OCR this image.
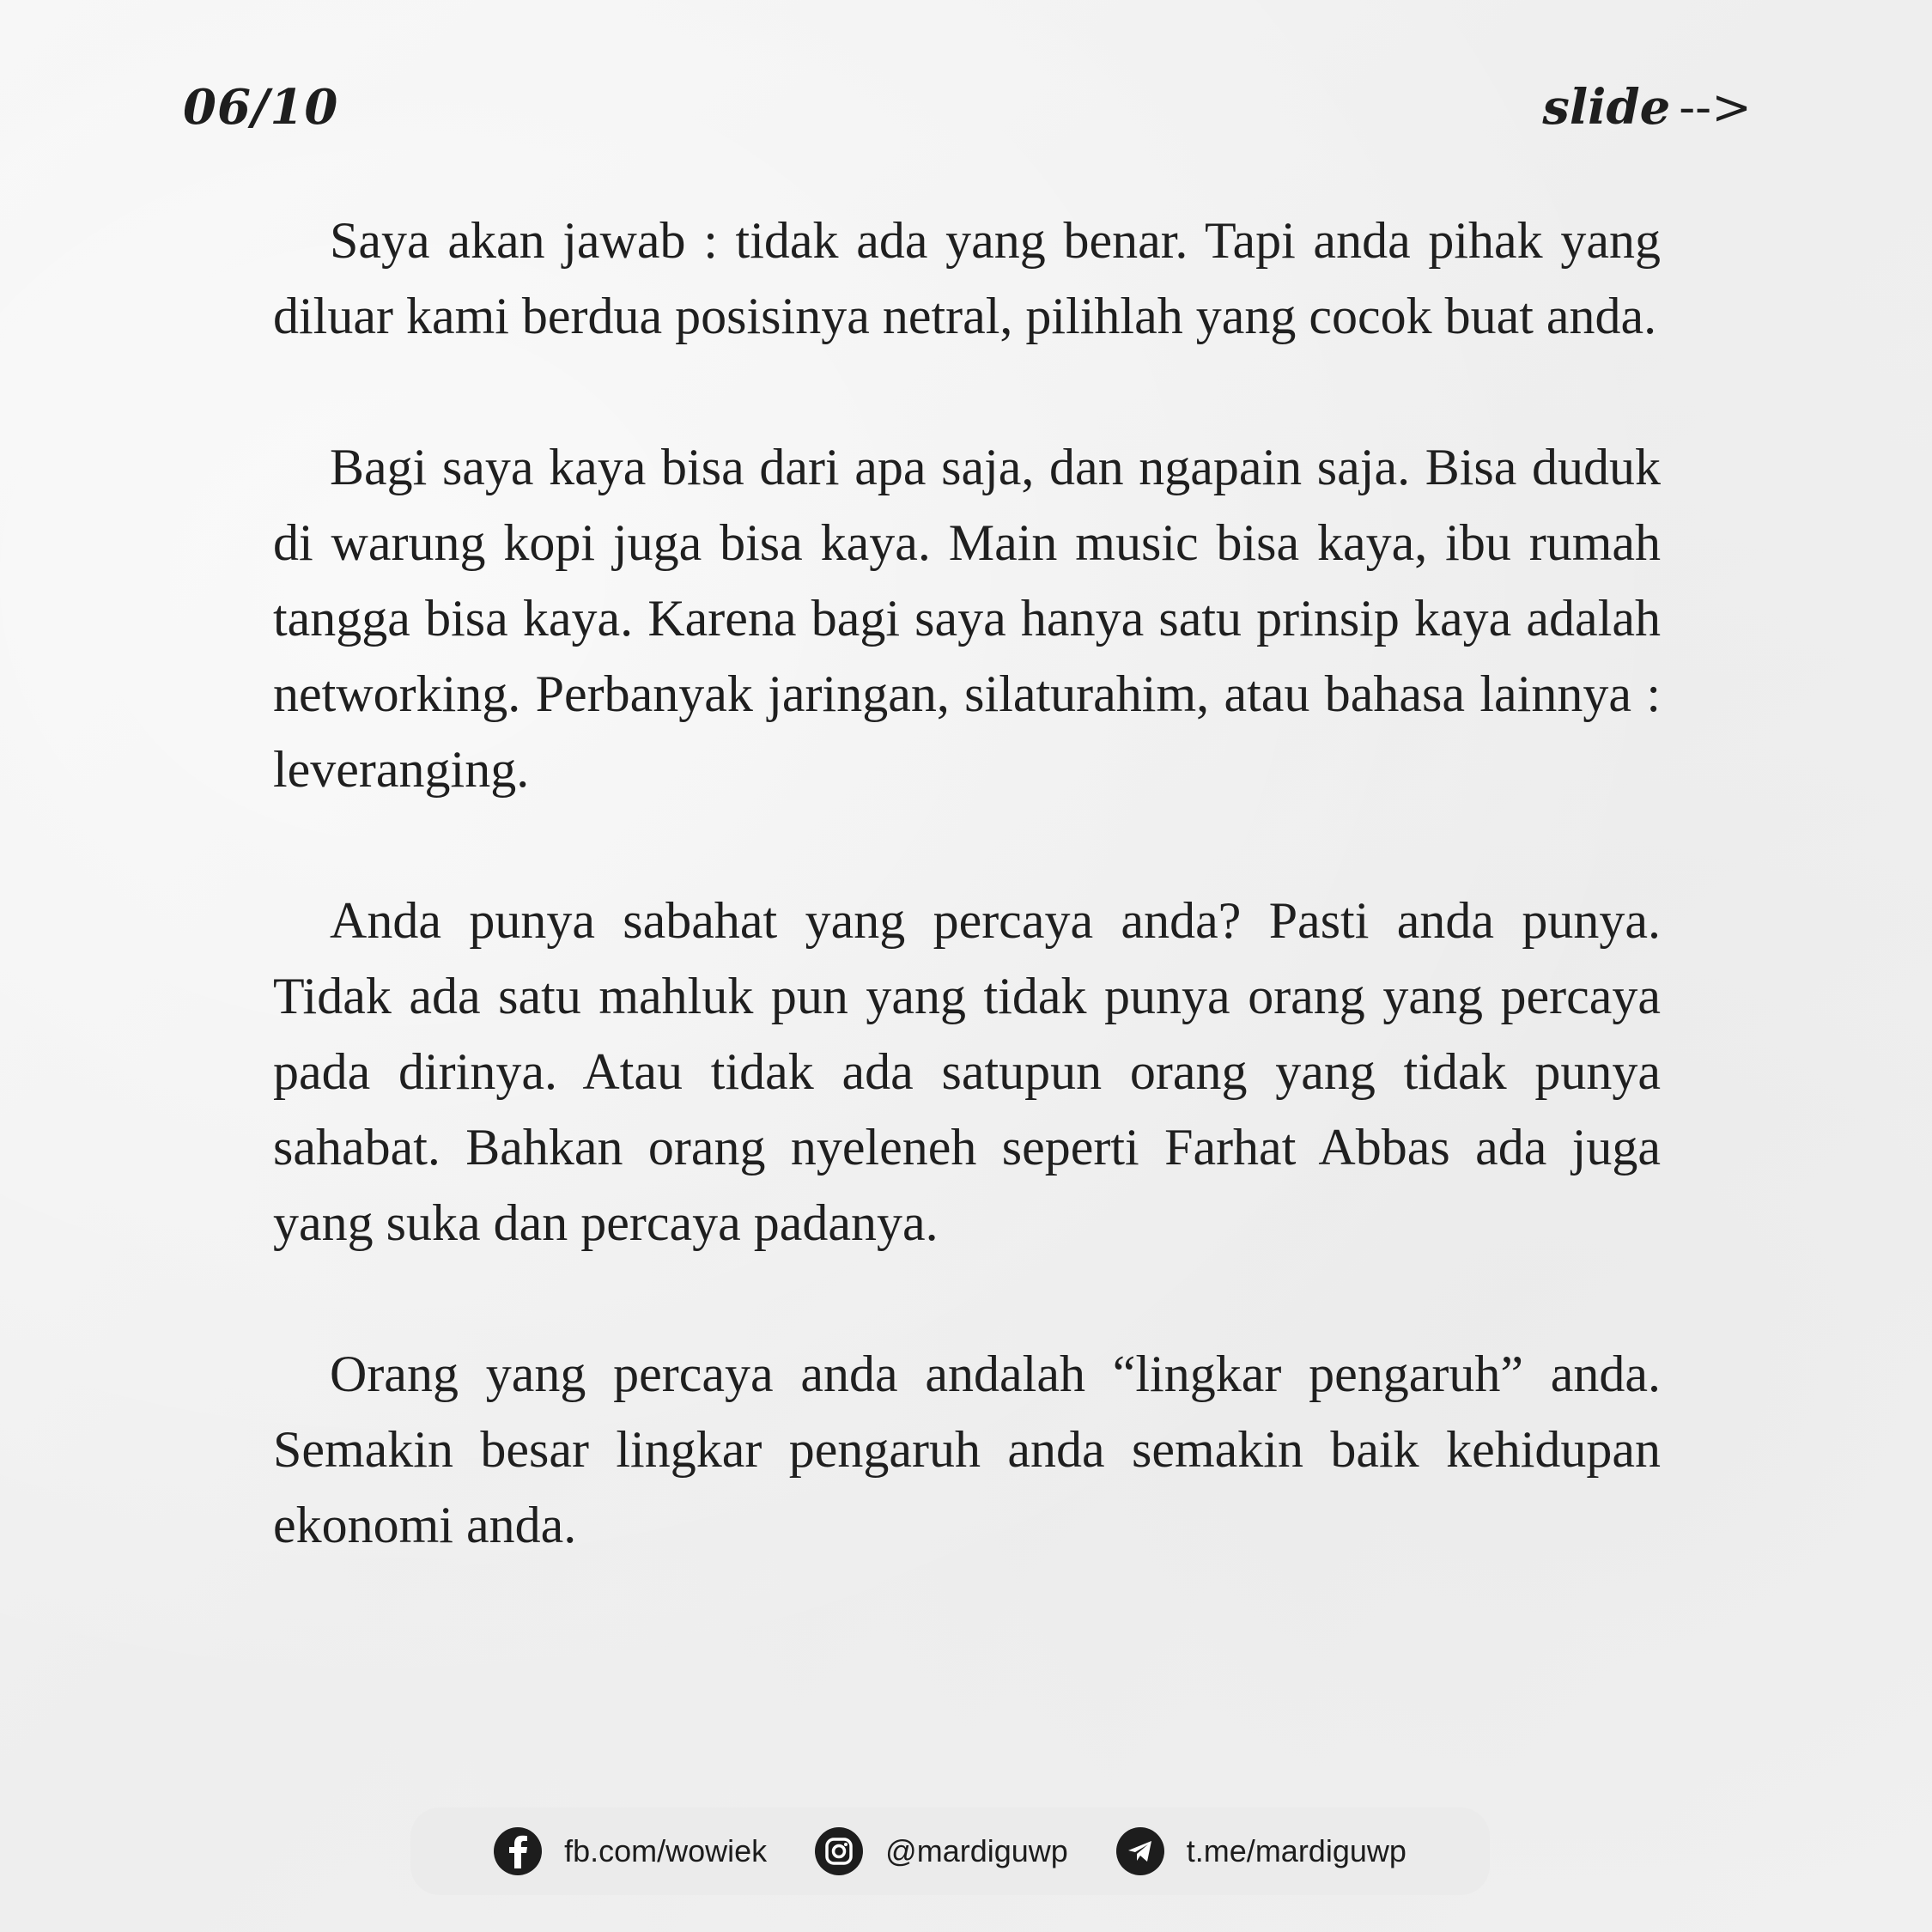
06/10	slide -->

Saya akan jawab : tidak ada yang benar. Tapi anda pihak yang diluar kami berdua posisinya netral, pilihlah yang cocok buat anda.

Bagi saya kaya bisa dari apa saja, dan ngapain saja. Bisa duduk di warung kopi juga bisa kaya. Main music bisa kaya, ibu rumah tangga bisa kaya. Karena bagi saya hanya satu prinsip kaya adalah networking. Perbanyak jaringan, silaturahim, atau bahasa lainnya : leveranging.

Anda punya sabahat yang percaya anda? Pasti anda punya. Tidak ada satu mahluk pun yang tidak punya orang yang percaya pada dirinya. Atau tidak ada satupun orang yang tidak punya sahabat. Bahkan orang nyeleneh seperti Farhat Abbas ada juga yang suka dan percaya padanya.

Orang yang percaya anda andalah “lingkar pengaruh” anda. Semakin besar lingkar pengaruh anda semakin baik kehidupan ekonomi anda.

fb.com/wowiek	@mardiguwp	t.me/mardiguwp
